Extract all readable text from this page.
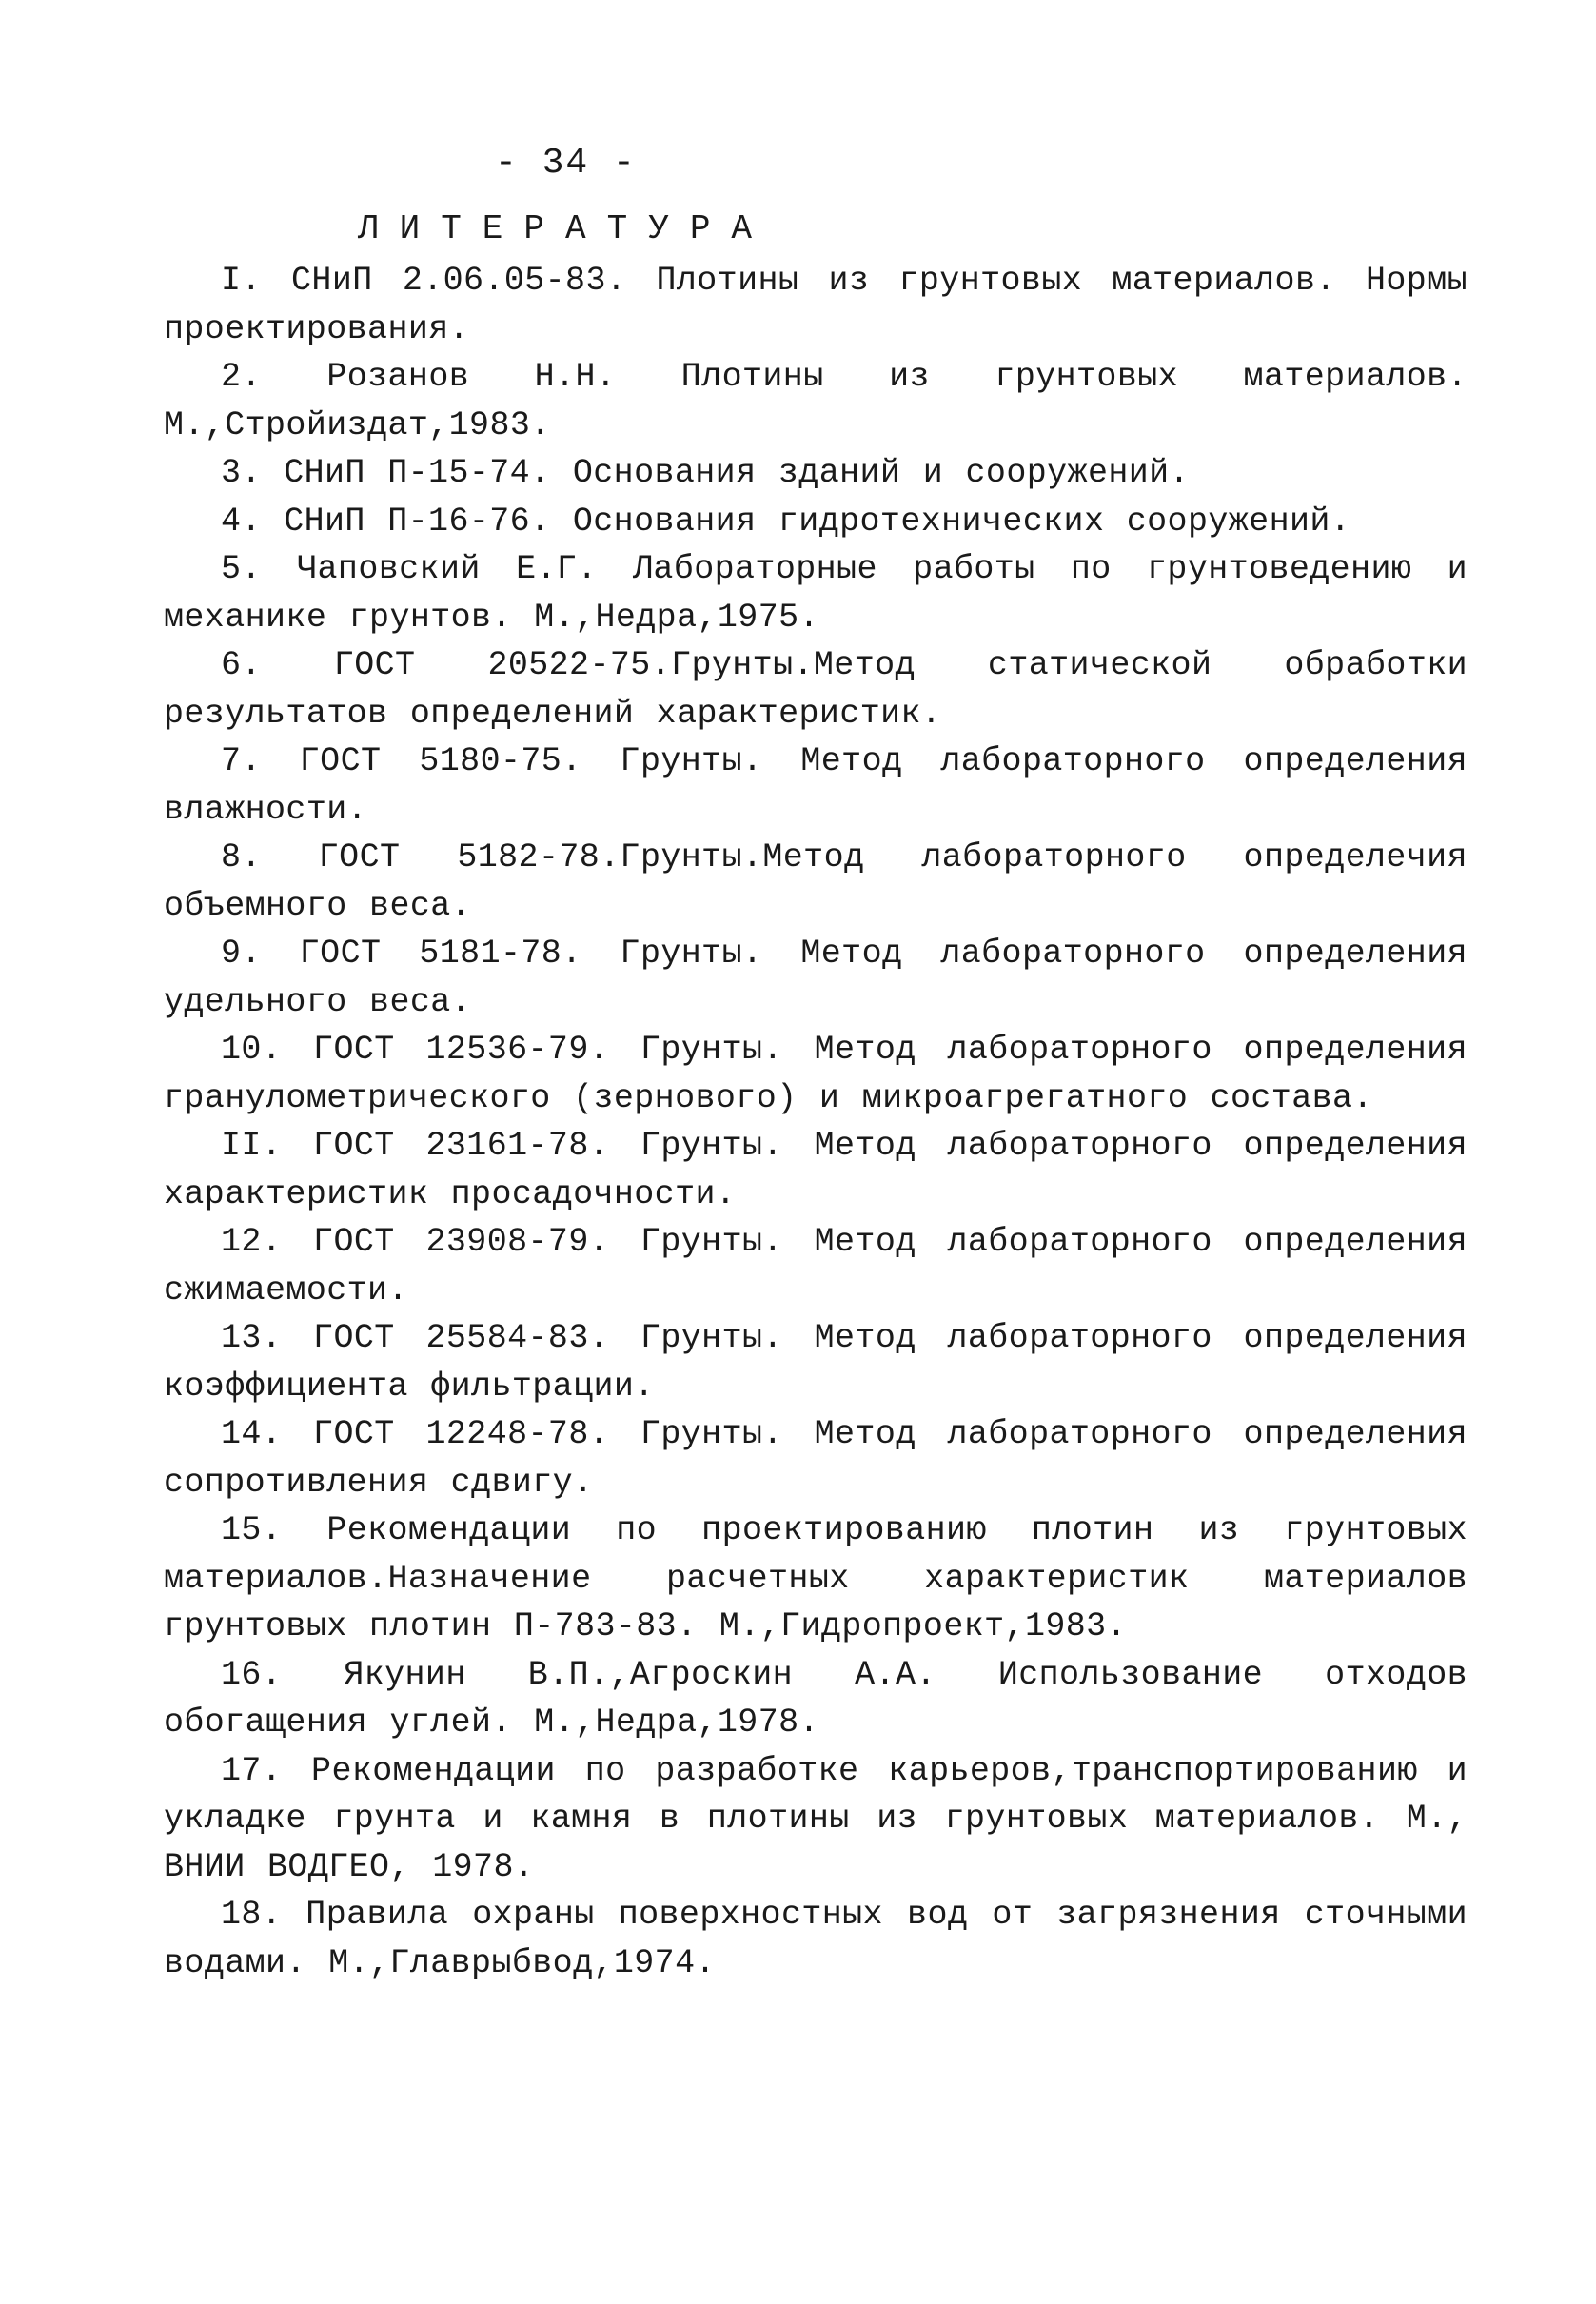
- 34 -
ЛИТЕРАТУРА
I. СНиП 2.06.05-83. Плотины из грунтовых материалов. Нормы проектирования.
2. Розанов Н.Н. Плотины из грунтовых материалов. М.,Стройиздат,1983.
3. СНиП П-15-74. Основания зданий и сооружений.
4. СНиП П-16-76. Основания гидротехнических сооружений.
5. Чаповский Е.Г. Лабораторные работы по грунтоведению и механике грунтов. М.,Недра,1975.
6. ГОСТ 20522-75.Грунты.Метод статической обработки результатов определений характеристик.
7. ГОСТ 5180-75. Грунты. Метод лабораторного определения влажности.
8. ГОСТ 5182-78.Грунты.Метод лабораторного определечия объемного веса.
9. ГОСТ 5181-78. Грунты. Метод лабораторного определения удельного веса.
10. ГОСТ 12536-79. Грунты. Метод лабораторного определения гранулометрического (зернового) и микроагрегатного состава.
II. ГОСТ 23161-78. Грунты. Метод лабораторного определения характеристик просадочности.
12. ГОСТ 23908-79. Грунты. Метод лабораторного определения сжимаемости.
13. ГОСТ 25584-83. Грунты. Метод лабораторного определения коэффициента фильтрации.
14. ГОСТ 12248-78. Грунты. Метод лабораторного определения сопротивления сдвигу.
15. Рекомендации по проектированию плотин из грунтовых материалов.Назначение расчетных характеристик материалов грунтовых плотин П-783-83. М.,Гидропроект,1983.
16. Якунин В.П.,Агроскин А.А. Использование отходов обогащения углей. М.,Недра,1978.
17. Рекомендации по разработке карьеров,транспортированию и укладке грунта и камня в плотины из грунтовых материалов. М., ВНИИ ВОДГЕО, 1978.
18. Правила охраны поверхностных вод от загрязнения сточными водами. М.,Главрыбвод,1974.
